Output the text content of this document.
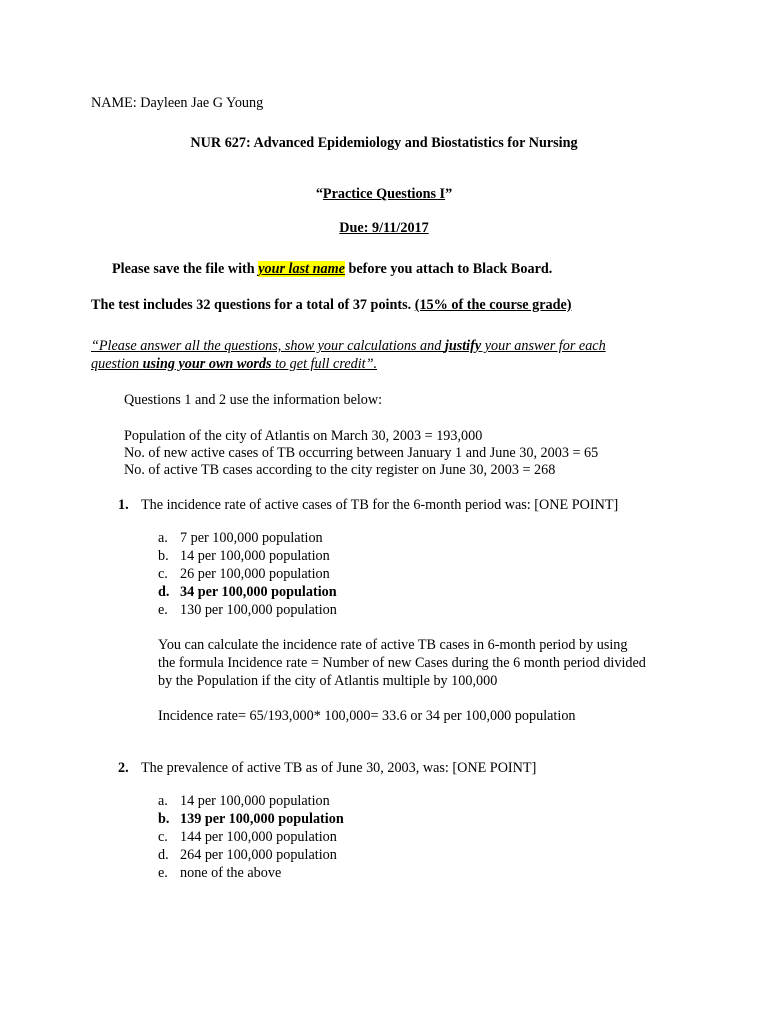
NAME: Dayleen Jae G Young
NUR 627: Advanced Epidemiology and Biostatistics for Nursing
“Practice Questions I”
Due: 9/11/2017
Please save the file with your last name before you attach to Black Board.
The test includes 32 questions for a total of 37 points. (15% of the course grade)
“Please answer all the questions, show your calculations and justify your answer for each
question using your own words to get full credit”.
Questions 1 and 2 use the information below:
Population of the city of Atlantis on March 30, 2003 = 193,000
No. of new active cases of TB occurring between January 1 and June 30, 2003 = 65
No. of active TB cases according to the city register on June 30, 2003 = 268
1. The incidence rate of active cases of TB for the 6-month period was: [ONE POINT]
a. 7 per 100,000 population
b. 14 per 100,000 population
c. 26 per 100,000 population
d. 34 per 100,000 population
e. 130 per 100,000 population
You can calculate the incidence rate of active TB cases in 6-month period by using
the formula Incidence rate = Number of new Cases during the 6 month period divided
by the Population if the city of Atlantis multiple by 100,000
Incidence rate= 65/193,000* 100,000= 33.6 or 34 per 100,000 population
2. The prevalence of active TB as of June 30, 2003, was: [ONE POINT]
a. 14 per 100,000 population
b. 139 per 100,000 population
c. 144 per 100,000 population
d. 264 per 100,000 population
e. none of the above
